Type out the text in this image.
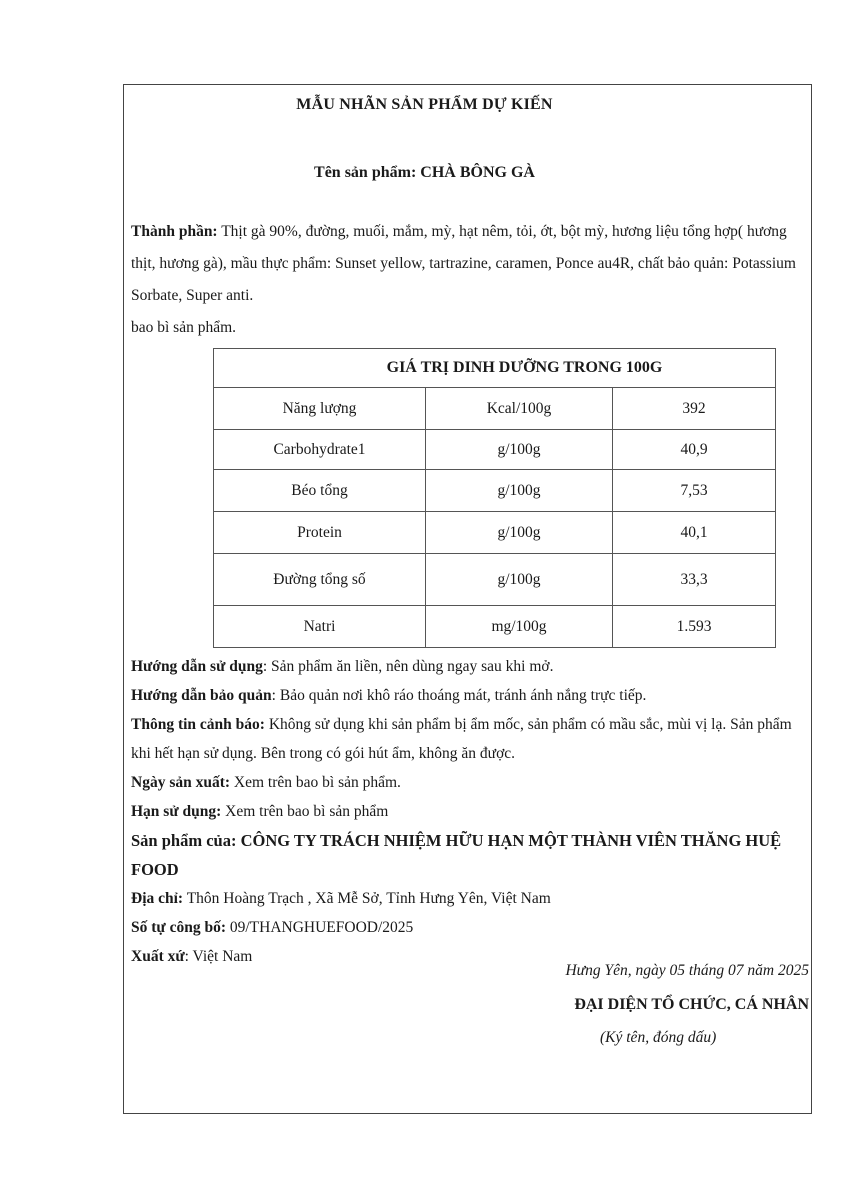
MẪU NHÃN SẢN PHẨM DỰ KIẾN
Tên sản phẩm: CHÀ BÔNG GÀ
Thành phần: Thịt gà 90%, đường, muối, mắm, mỳ, hạt nêm, tỏi, ớt, bột mỳ, hương liệu tổng hợp( hương thịt, hương gà), mầu thực phẩm: Sunset yellow, tartrazine, caramen, Ponce au4R, chất bảo quản: Potassium Sorbate, Super anti.
bao bì sản phẩm.
GIÁ TRỊ DINH DƯỠNG TRONG 100G		
Năng lượng	Kcal/100g	392
Carbohydrate1	g/100g	40,9
Béo tổng	g/100g	7,53
Protein	g/100g	40,1
Đường tổng số	g/100g	33,3
Natri	mg/100g	1.593
Hướng dẫn sử dụng: Sản phẩm ăn liền, nên dùng ngay sau khi mở.
Hướng dẫn bảo quản: Bảo quản nơi khô ráo thoáng mát, tránh ánh nắng trực tiếp.
Thông tin cảnh báo: Không sử dụng khi sản phẩm bị ẩm mốc, sản phẩm có mầu sắc, mùi vị lạ. Sản phẩm khi hết hạn sử dụng. Bên trong có gói hút ẩm, không ăn được.
Ngày sản xuất: Xem trên bao bì sản phẩm.
Hạn sử dụng: Xem trên bao bì sản phẩm
Sản phẩm của: CÔNG TY TRÁCH NHIỆM HỮU HẠN MỘT THÀNH VIÊN THĂNG HUỆ FOOD
Địa chỉ: Thôn Hoàng Trạch , Xã Mễ Sở, Tỉnh Hưng Yên, Việt Nam
Số tự công bố: 09/THANGHUEFOOD/2025
Xuất xứ: Việt Nam
Hưng Yên, ngày 05 tháng 07 năm 2025
ĐẠI DIỆN TỔ CHỨC, CÁ NHÂN
(Ký tên, đóng dấu)
